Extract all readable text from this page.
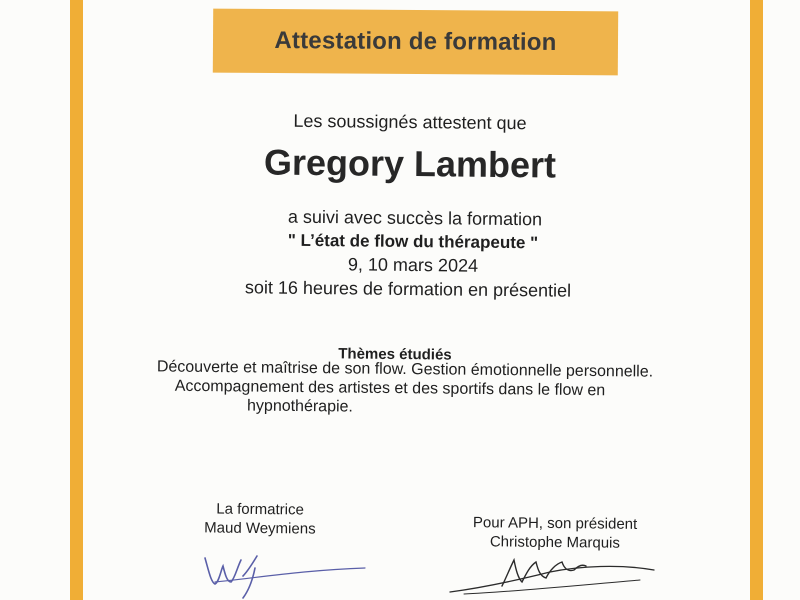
Attestation de formation
Les soussignés attestent que
Gregory Lambert
a suivi avec succès la formation
" L’état de flow du thérapeute "
9, 10 mars 2024
soit 16 heures de formation en présentiel
Thèmes étudiés
Découverte et maîtrise de son flow. Gestion émotionnelle personnelle.
Accompagnement des artistes et des sportifs dans le flow en
hypnothérapie.
La formatrice
Maud Weymiens	Pour APH, son président
Christophe Marquis
